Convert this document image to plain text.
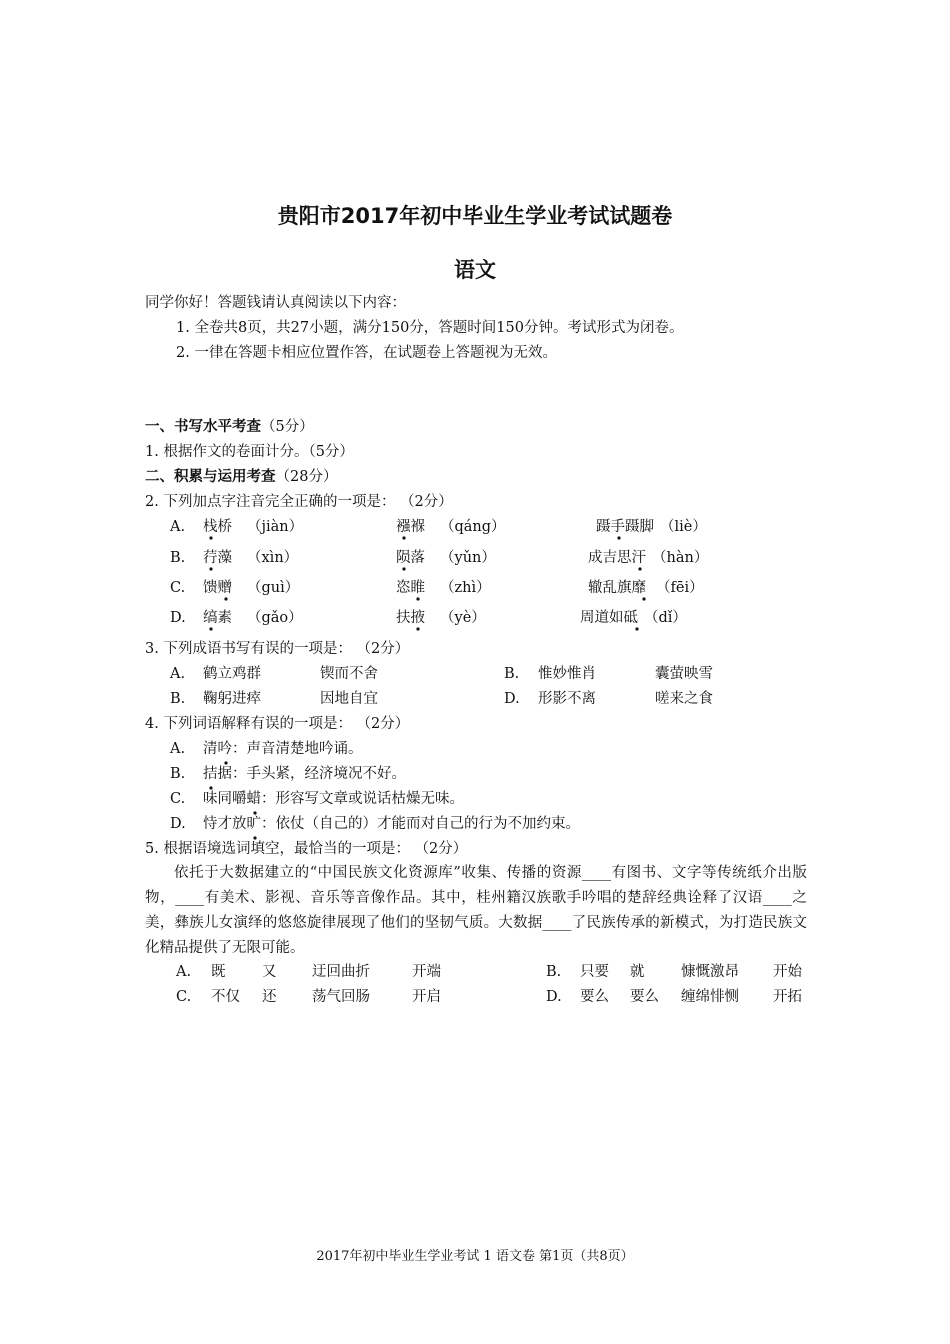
贵阳市2017年初中毕业生学业考试试题卷
语文
同学你好！答题钱请认真阅读以下内容：
1. 全卷共8页，共27小题，满分150分，答题时间150分钟。考试形式为闭卷。
2. 一律在答题卡相应位置作答，在试题卷上答题视为无效。
一、书写水平考查（5分）
1. 根据作文的卷面计分。（5分）
二、积累与运用考查（28分）
2. 下列加点字注音完全正确的一项是： （2分）
A. 栈桥 （jiàn）	襁褓 （qáng）	蹑手蹑脚 （liè）
B. 荇藻 （xìn）	陨落 （yǔn）	成吉思汗 （hàn）
C. 馈赠 （guì）	恣睢 （zhì）	辙乱旗靡 （fēi）
D. 缟素 （gǎo）	扶掖 （yè）	周道如砥 （dǐ）
3. 下列成语书写有误的一项是： （2分）
A. 鹤立鸡群	锲而不舍	B. 惟妙惟肖	囊萤映雪
B. 鞠躬进瘁	因地自宜	D. 形影不离	嗟来之食
4. 下列词语解释有误的一项是： （2分）
A. 清吟：声音清楚地吟诵。
B. 拮据：手头紧，经济境况不好。
C. 味同嚼蜡：形容写文章或说话枯燥无味。
D. 恃才放旷：依仗（自己的）才能而对自己的行为不加约束。
5. 根据语境选词填空，最恰当的一项是： （2分）
依托于大数据建立的“中国民族文化资源库”收集、传播的资源____有图书、文字等传统纸介出版物，____有美术、影视、音乐等音像作品。其中，桂州籍汉族歌手吟唱的楚辞经典诠释了汉语____之美，彝族儿女演绎的悠悠旋律展现了他们的坚韧气质。大数据____了民族传承的新模式，为打造民族文化精品提供了无限可能。
A. 既	又 迂回曲折	开端	B. 只要 就	慷慨激昂 开始
C. 不仅 还 荡气回肠	开启	D. 要么 要么 缠绵悱恻 开拓
2017年初中毕业生学业考试 1 语文卷 第1页（共8页）
